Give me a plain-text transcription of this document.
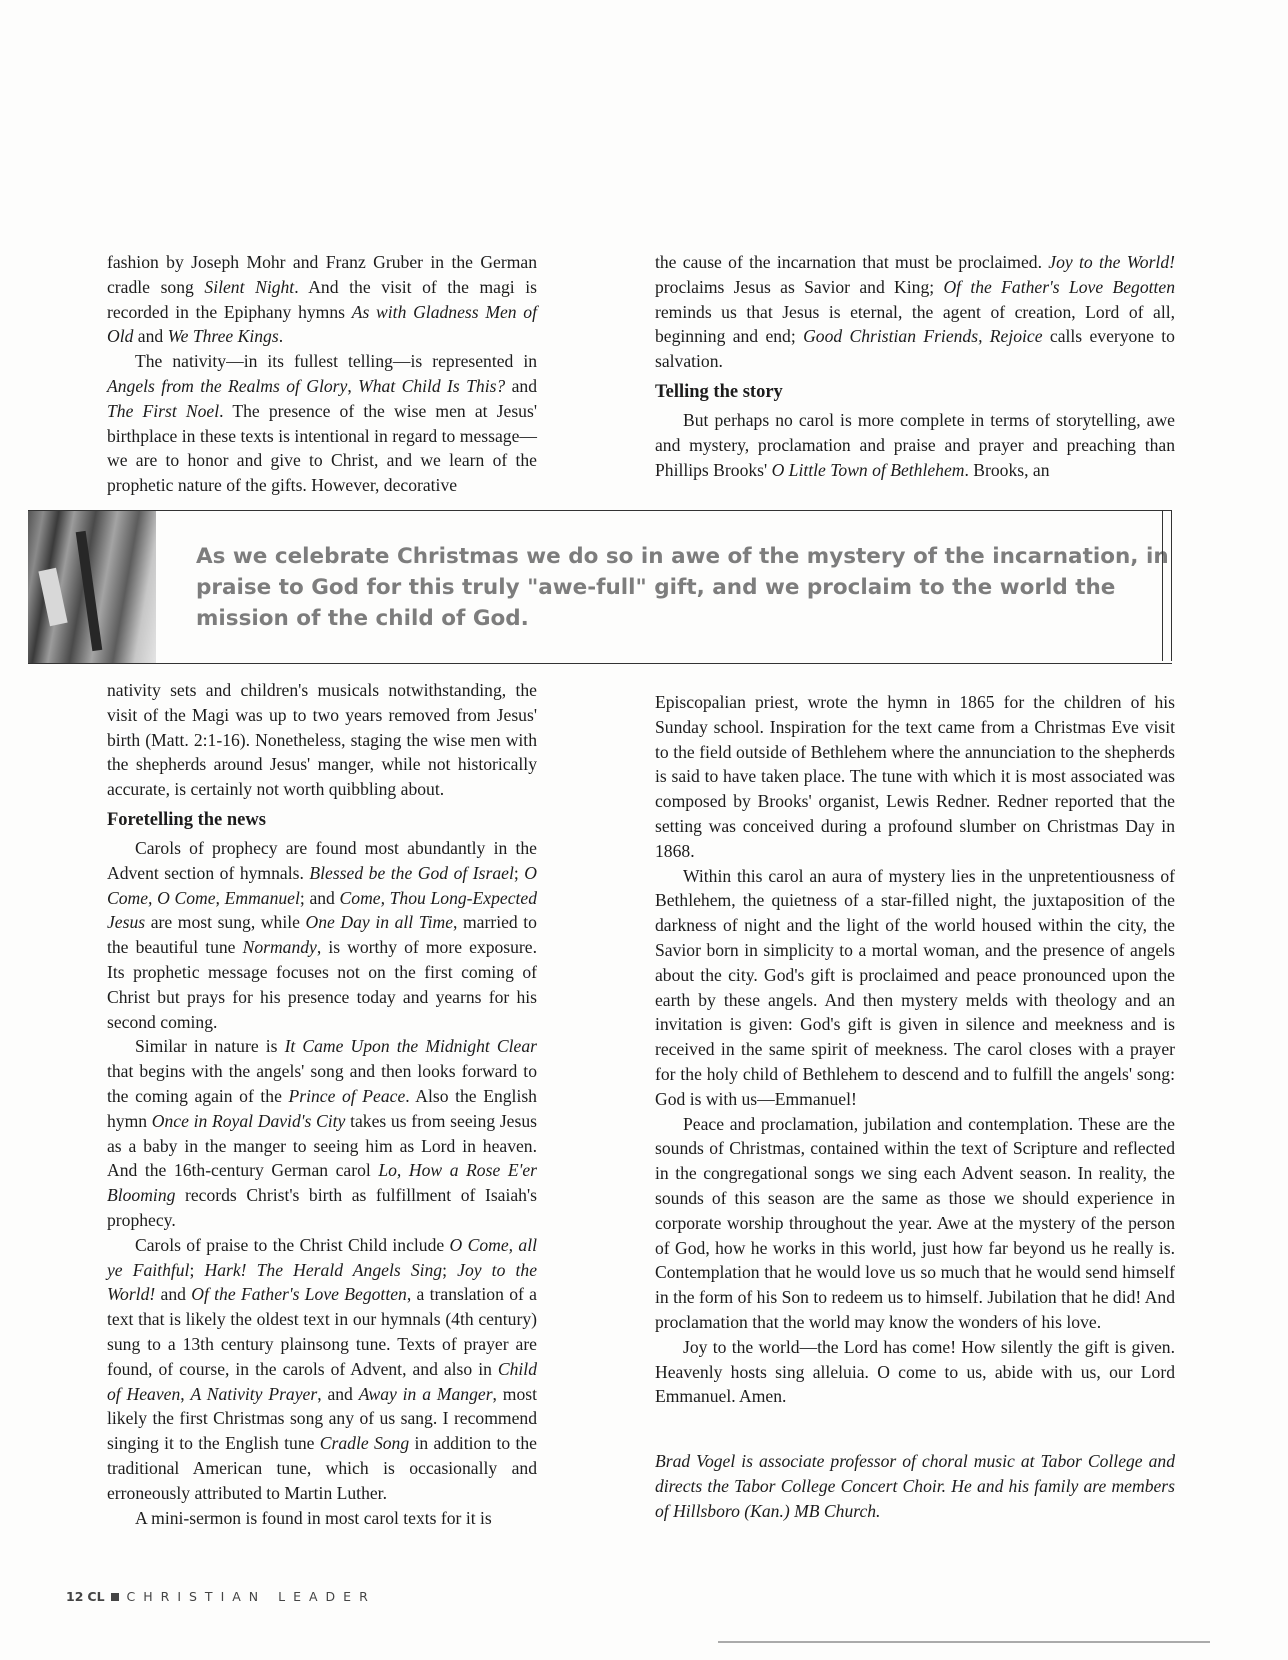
fashion by Joseph Mohr and Franz Gruber in the German cradle song Silent Night. And the visit of the magi is recorded in the Epiphany hymns As with Gladness Men of Old and We Three Kings.

The nativity—in its fullest telling—is represented in Angels from the Realms of Glory, What Child Is This? and The First Noel. The presence of the wise men at Jesus' birthplace in these texts is intentional in regard to message—we are to honor and give to Christ, and we learn of the prophetic nature of the gifts. However, decorative

the cause of the incarnation that must be proclaimed. Joy to the World! proclaims Jesus as Savior and King; Of the Father's Love Begotten reminds us that Jesus is eternal, the agent of creation, Lord of all, beginning and end; Good Christian Friends, Rejoice calls everyone to salvation.

Telling the story

But perhaps no carol is more complete in terms of storytelling, awe and mystery, proclamation and praise and prayer and preaching than Phillips Brooks' O Little Town of Bethlehem. Brooks, an

As we celebrate Christmas we do so in awe of the mystery of the incarnation, in praise to God for this truly "awe-full" gift, and we proclaim to the world the mission of the child of God.

nativity sets and children's musicals notwithstanding, the visit of the Magi was up to two years removed from Jesus' birth (Matt. 2:1-16). Nonetheless, staging the wise men with the shepherds around Jesus' manger, while not historically accurate, is certainly not worth quibbling about.

Foretelling the news

Carols of prophecy are found most abundantly in the Advent section of hymnals. Blessed be the God of Israel; O Come, O Come, Emmanuel; and Come, Thou Long-Expected Jesus are most sung, while One Day in all Time, married to the beautiful tune Normandy, is worthy of more exposure. Its prophetic message focuses not on the first coming of Christ but prays for his presence today and yearns for his second coming.

Similar in nature is It Came Upon the Midnight Clear that begins with the angels' song and then looks forward to the coming again of the Prince of Peace. Also the English hymn Once in Royal David's City takes us from seeing Jesus as a baby in the manger to seeing him as Lord in heaven. And the 16th-century German carol Lo, How a Rose E'er Blooming records Christ's birth as fulfillment of Isaiah's prophecy.

Carols of praise to the Christ Child include O Come, all ye Faithful; Hark! The Herald Angels Sing; Joy to the World! and Of the Father's Love Begotten, a translation of a text that is likely the oldest text in our hymnals (4th century) sung to a 13th century plainsong tune. Texts of prayer are found, of course, in the carols of Advent, and also in Child of Heaven, A Nativity Prayer, and Away in a Manger, most likely the first Christmas song any of us sang. I recommend singing it to the English tune Cradle Song in addition to the traditional American tune, which is occasionally and erroneously attributed to Martin Luther.

A mini-sermon is found in most carol texts for it is

Episcopalian priest, wrote the hymn in 1865 for the children of his Sunday school. Inspiration for the text came from a Christmas Eve visit to the field outside of Bethlehem where the annunciation to the shepherds is said to have taken place. The tune with which it is most associated was composed by Brooks' organist, Lewis Redner. Redner reported that the setting was conceived during a profound slumber on Christmas Day in 1868.

Within this carol an aura of mystery lies in the unpretentiousness of Bethlehem, the quietness of a star-filled night, the juxtaposition of the darkness of night and the light of the world housed within the city, the Savior born in simplicity to a mortal woman, and the presence of angels about the city. God's gift is proclaimed and peace pronounced upon the earth by these angels. And then mystery melds with theology and an invitation is given: God's gift is given in silence and meekness and is received in the same spirit of meekness. The carol closes with a prayer for the holy child of Bethlehem to descend and to fulfill the angels' song: God is with us—Emmanuel!

Peace and proclamation, jubilation and contemplation. These are the sounds of Christmas, contained within the text of Scripture and reflected in the congregational songs we sing each Advent season. In reality, the sounds of this season are the same as those we should experience in corporate worship throughout the year. Awe at the mystery of the person of God, how he works in this world, just how far beyond us he really is. Contemplation that he would love us so much that he would send himself in the form of his Son to redeem us to himself. Jubilation that he did! And proclamation that the world may know the wonders of his love.

Joy to the world—the Lord has come! How silently the gift is given. Heavenly hosts sing alleluia. O come to us, abide with us, our Lord Emmanuel. Amen.

Brad Vogel is associate professor of choral music at Tabor College and directs the Tabor College Concert Choir. He and his family are members of Hillsboro (Kan.) MB Church.

12 CL CHRISTIAN LEADER
